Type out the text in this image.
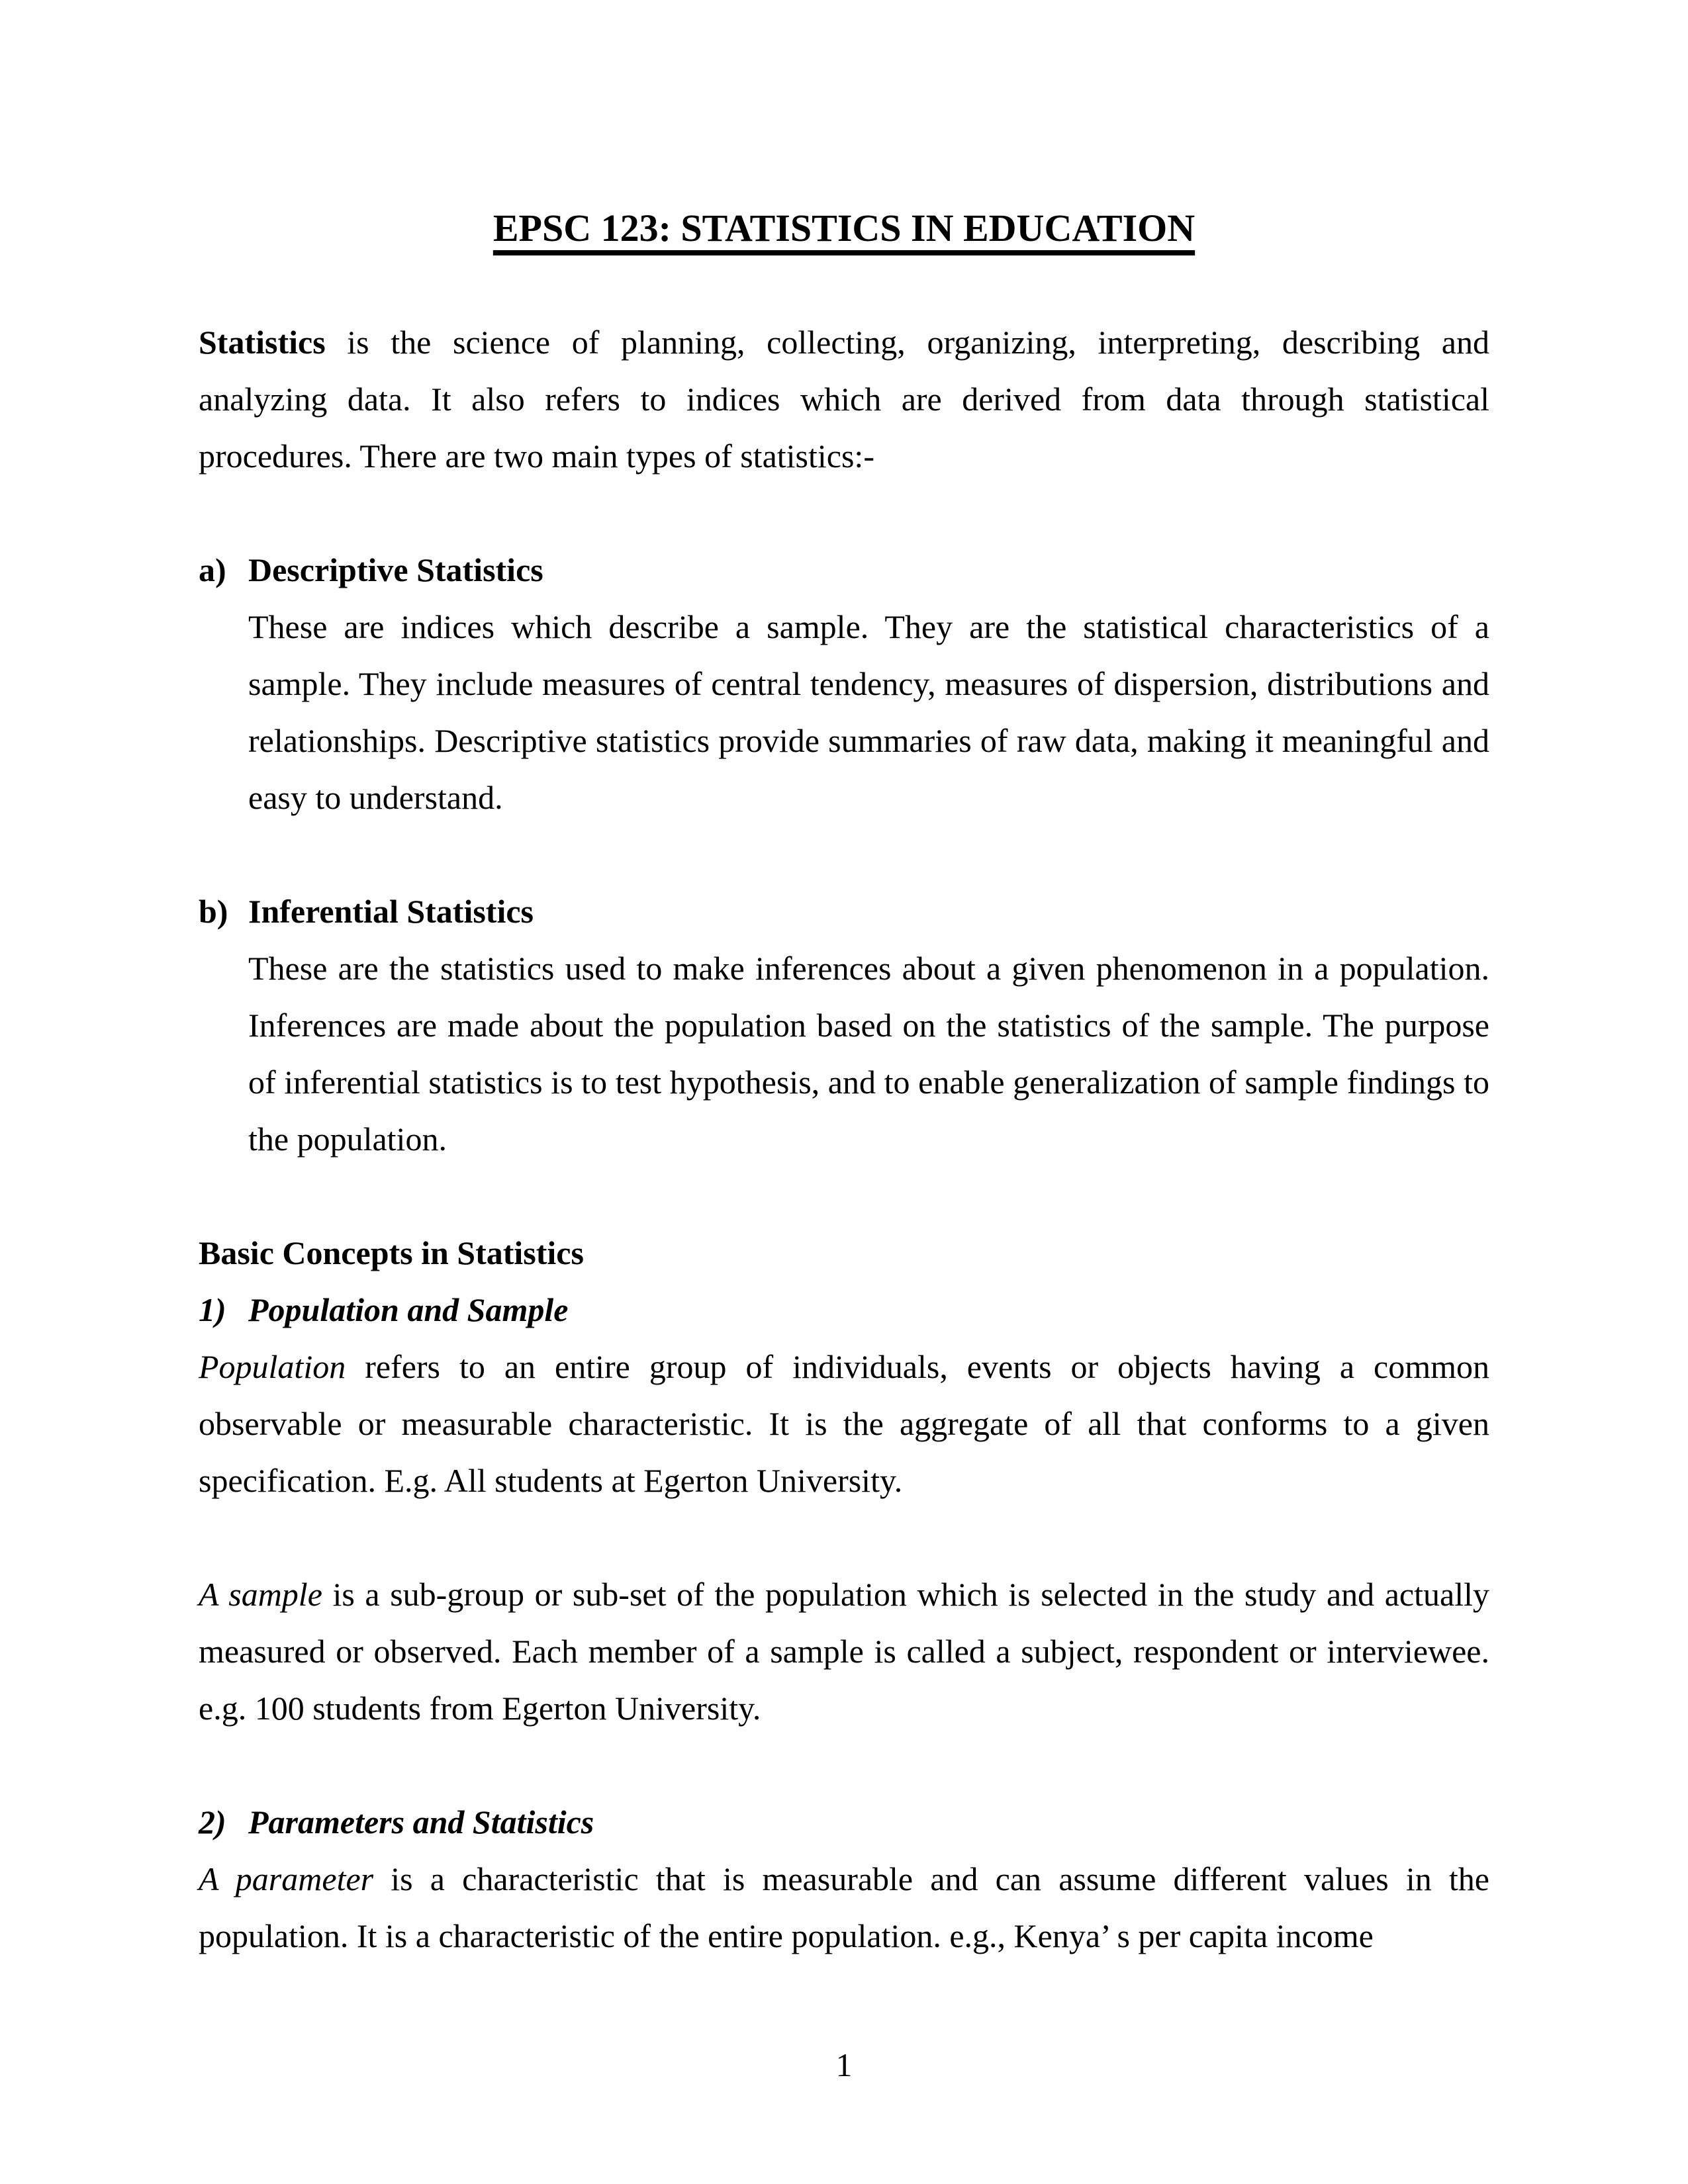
EPSC 123: STATISTICS IN EDUCATION

Statistics is the science of planning, collecting, organizing, interpreting, describing and analyzing data. It also refers to indices which are derived from data through statistical procedures. There are two main types of statistics:-

a) Descriptive Statistics

These are indices which describe a sample. They are the statistical characteristics of a sample. They include measures of central tendency, measures of dispersion, distributions and relationships. Descriptive statistics provide summaries of raw data, making it meaningful and easy to understand.

b) Inferential Statistics

These are the statistics used to make inferences about a given phenomenon in a population. Inferences are made about the population based on the statistics of the sample. The purpose of inferential statistics is to test hypothesis, and to enable generalization of sample findings to the population.

Basic Concepts in Statistics
1) Population and Sample

Population refers to an entire group of individuals, events or objects having a common observable or measurable characteristic. It is the aggregate of all that conforms to a given specification. E.g. All students at Egerton University.

A sample is a sub-group or sub-set of the population which is selected in the study and actually measured or observed. Each member of a sample is called a subject, respondent or interviewee. e.g. 100 students from Egerton University.

2) Parameters and Statistics

A parameter is a characteristic that is measurable and can assume different values in the population. It is a characteristic of the entire population. e.g., Kenya’ s per capita income

1
